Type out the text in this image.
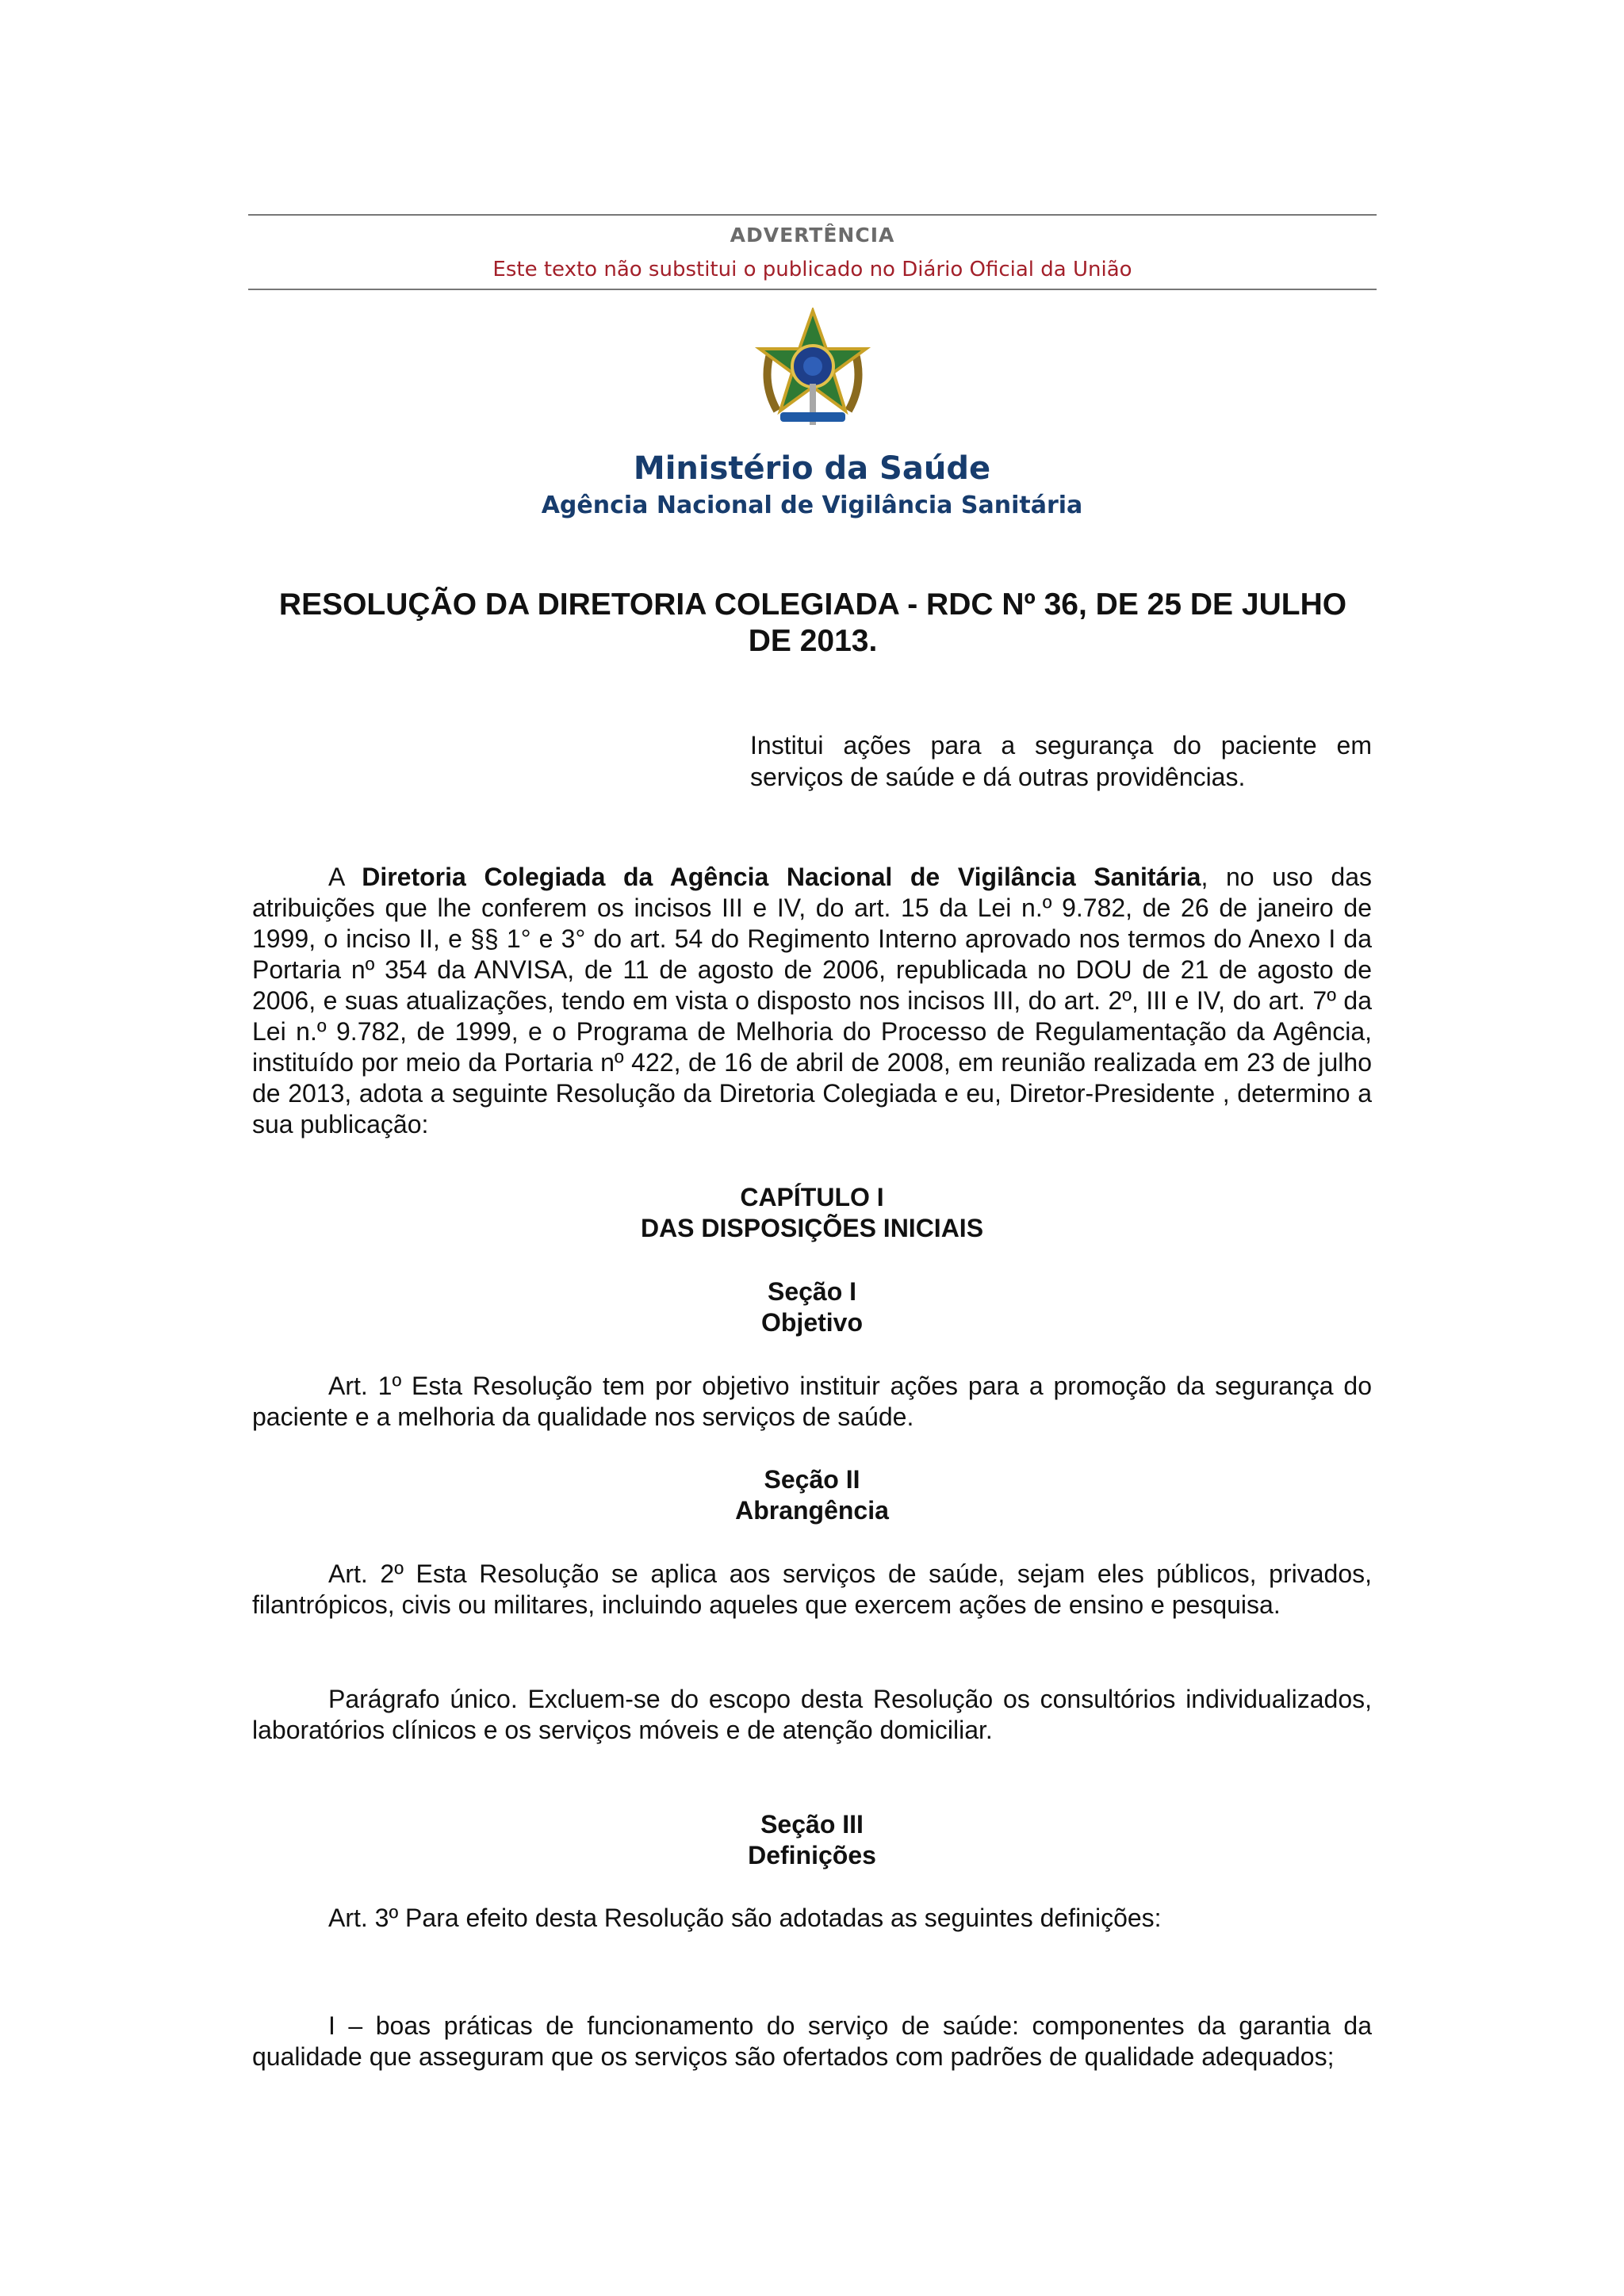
ADVERTÊNCIA
Este texto não substitui o publicado no Diário Oficial da União
Ministério da Saúde
Agência Nacional de Vigilância Sanitária
RESOLUÇÃO DA DIRETORIA COLEGIADA - RDC Nº 36, DE 25 DE JULHO DE 2013.
Institui ações para a segurança do paciente em serviços de saúde e dá outras providências.
A Diretoria Colegiada da Agência Nacional de Vigilância Sanitária, no uso das atribuições que lhe conferem os incisos III e IV, do art. 15 da Lei n.º 9.782, de 26 de janeiro de 1999, o inciso II, e §§ 1° e 3° do art. 54 do Regimento Interno aprovado nos termos do Anexo I da Portaria nº 354 da ANVISA, de 11 de agosto de 2006, republicada no DOU de 21 de agosto de 2006, e suas atualizações, tendo em vista o disposto nos incisos III, do art. 2º, III e IV, do art. 7º da Lei n.º 9.782, de 1999, e o Programa de Melhoria do Processo de Regulamentação da Agência, instituído por meio da Portaria nº 422, de 16 de abril de 2008, em reunião realizada em 23 de julho de 2013, adota a seguinte Resolução da Diretoria Colegiada e eu, Diretor-Presidente , determino a sua publicação:
CAPÍTULO I
DAS DISPOSIÇÕES INICIAIS
Seção I
Objetivo
Art. 1º Esta Resolução tem por objetivo instituir ações para a promoção da segurança do paciente e a melhoria da qualidade nos serviços de saúde.
Seção II
Abrangência
Art. 2º Esta Resolução se aplica aos serviços de saúde, sejam eles públicos, privados, filantrópicos, civis ou militares, incluindo aqueles que exercem ações de ensino e pesquisa.
Parágrafo único. Excluem-se do escopo desta Resolução os consultórios individualizados, laboratórios clínicos e os serviços móveis e de atenção domiciliar.
Seção III
Definições
Art. 3º Para efeito desta Resolução são adotadas as seguintes definições:
I – boas práticas de funcionamento do serviço de saúde: componentes da garantia da qualidade que asseguram que os serviços são ofertados com padrões de qualidade adequados;
